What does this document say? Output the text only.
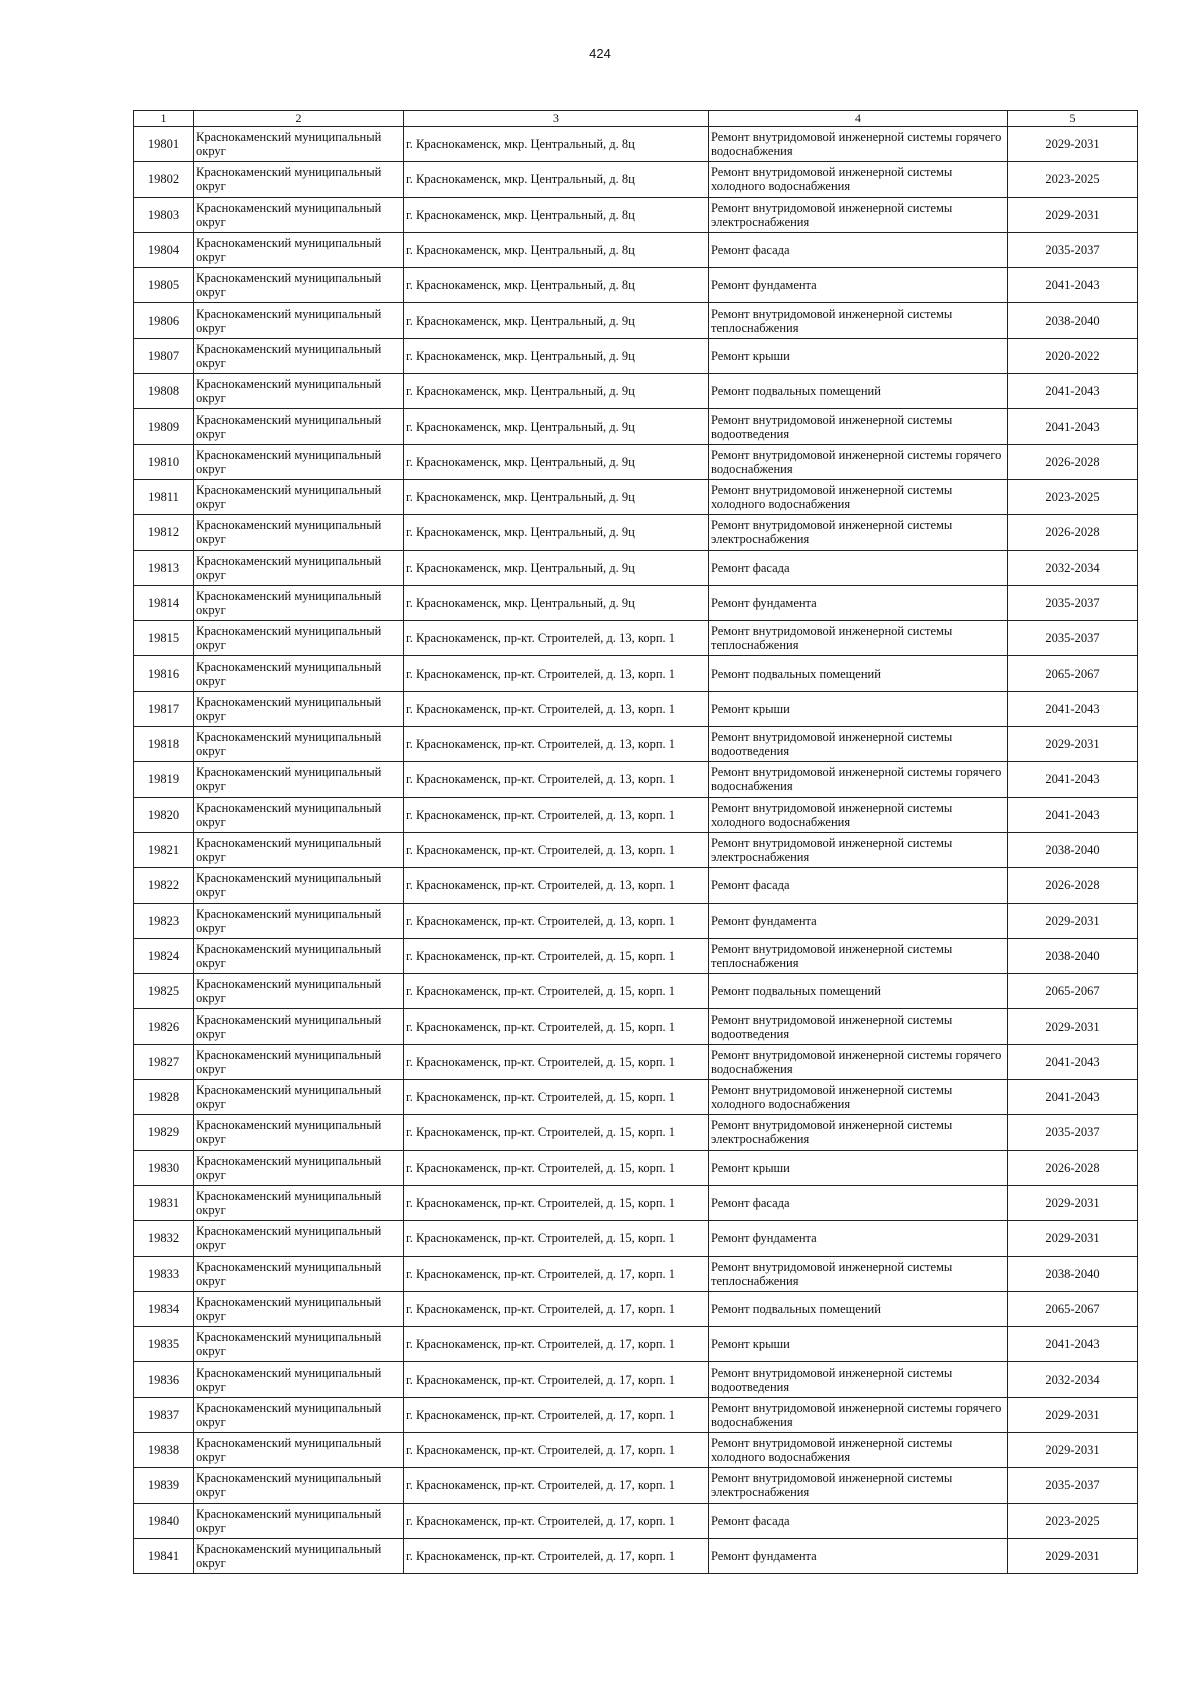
424
1	2	3	4	5
19801	Краснокаменский муниципальный округ	г. Краснокаменск, мкр. Центральный, д. 8ц	Ремонт внутридомовой инженерной системы горячего водоснабжения	2029-2031
19802	Краснокаменский муниципальный округ	г. Краснокаменск, мкр. Центральный, д. 8ц	Ремонт внутридомовой инженерной системы холодного водоснабжения	2023-2025
19803	Краснокаменский муниципальный округ	г. Краснокаменск, мкр. Центральный, д. 8ц	Ремонт внутридомовой инженерной системы электроснабжения	2029-2031
19804	Краснокаменский муниципальный округ	г. Краснокаменск, мкр. Центральный, д. 8ц	Ремонт фасада	2035-2037
19805	Краснокаменский муниципальный округ	г. Краснокаменск, мкр. Центральный, д. 8ц	Ремонт фундамента	2041-2043
19806	Краснокаменский муниципальный округ	г. Краснокаменск, мкр. Центральный, д. 9ц	Ремонт внутридомовой инженерной системы теплоснабжения	2038-2040
19807	Краснокаменский муниципальный округ	г. Краснокаменск, мкр. Центральный, д. 9ц	Ремонт крыши	2020-2022
19808	Краснокаменский муниципальный округ	г. Краснокаменск, мкр. Центральный, д. 9ц	Ремонт подвальных помещений	2041-2043
19809	Краснокаменский муниципальный округ	г. Краснокаменск, мкр. Центральный, д. 9ц	Ремонт внутридомовой инженерной системы водоотведения	2041-2043
19810	Краснокаменский муниципальный округ	г. Краснокаменск, мкр. Центральный, д. 9ц	Ремонт внутридомовой инженерной системы горячего водоснабжения	2026-2028
19811	Краснокаменский муниципальный округ	г. Краснокаменск, мкр. Центральный, д. 9ц	Ремонт внутридомовой инженерной системы холодного водоснабжения	2023-2025
19812	Краснокаменский муниципальный округ	г. Краснокаменск, мкр. Центральный, д. 9ц	Ремонт внутридомовой инженерной системы электроснабжения	2026-2028
19813	Краснокаменский муниципальный округ	г. Краснокаменск, мкр. Центральный, д. 9ц	Ремонт фасада	2032-2034
19814	Краснокаменский муниципальный округ	г. Краснокаменск, мкр. Центральный, д. 9ц	Ремонт фундамента	2035-2037
19815	Краснокаменский муниципальный округ	г. Краснокаменск, пр-кт. Строителей, д. 13, корп. 1	Ремонт внутридомовой инженерной системы теплоснабжения	2035-2037
19816	Краснокаменский муниципальный округ	г. Краснокаменск, пр-кт. Строителей, д. 13, корп. 1	Ремонт подвальных помещений	2065-2067
19817	Краснокаменский муниципальный округ	г. Краснокаменск, пр-кт. Строителей, д. 13, корп. 1	Ремонт крыши	2041-2043
19818	Краснокаменский муниципальный округ	г. Краснокаменск, пр-кт. Строителей, д. 13, корп. 1	Ремонт внутридомовой инженерной системы водоотведения	2029-2031
19819	Краснокаменский муниципальный округ	г. Краснокаменск, пр-кт. Строителей, д. 13, корп. 1	Ремонт внутридомовой инженерной системы горячего водоснабжения	2041-2043
19820	Краснокаменский муниципальный округ	г. Краснокаменск, пр-кт. Строителей, д. 13, корп. 1	Ремонт внутридомовой инженерной системы холодного водоснабжения	2041-2043
19821	Краснокаменский муниципальный округ	г. Краснокаменск, пр-кт. Строителей, д. 13, корп. 1	Ремонт внутридомовой инженерной системы электроснабжения	2038-2040
19822	Краснокаменский муниципальный округ	г. Краснокаменск, пр-кт. Строителей, д. 13, корп. 1	Ремонт фасада	2026-2028
19823	Краснокаменский муниципальный округ	г. Краснокаменск, пр-кт. Строителей, д. 13, корп. 1	Ремонт фундамента	2029-2031
19824	Краснокаменский муниципальный округ	г. Краснокаменск, пр-кт. Строителей, д. 15, корп. 1	Ремонт внутридомовой инженерной системы теплоснабжения	2038-2040
19825	Краснокаменский муниципальный округ	г. Краснокаменск, пр-кт. Строителей, д. 15, корп. 1	Ремонт подвальных помещений	2065-2067
19826	Краснокаменский муниципальный округ	г. Краснокаменск, пр-кт. Строителей, д. 15, корп. 1	Ремонт внутридомовой инженерной системы водоотведения	2029-2031
19827	Краснокаменский муниципальный округ	г. Краснокаменск, пр-кт. Строителей, д. 15, корп. 1	Ремонт внутридомовой инженерной системы горячего водоснабжения	2041-2043
19828	Краснокаменский муниципальный округ	г. Краснокаменск, пр-кт. Строителей, д. 15, корп. 1	Ремонт внутридомовой инженерной системы холодного водоснабжения	2041-2043
19829	Краснокаменский муниципальный округ	г. Краснокаменск, пр-кт. Строителей, д. 15, корп. 1	Ремонт внутридомовой инженерной системы электроснабжения	2035-2037
19830	Краснокаменский муниципальный округ	г. Краснокаменск, пр-кт. Строителей, д. 15, корп. 1	Ремонт крыши	2026-2028
19831	Краснокаменский муниципальный округ	г. Краснокаменск, пр-кт. Строителей, д. 15, корп. 1	Ремонт фасада	2029-2031
19832	Краснокаменский муниципальный округ	г. Краснокаменск, пр-кт. Строителей, д. 15, корп. 1	Ремонт фундамента	2029-2031
19833	Краснокаменский муниципальный округ	г. Краснокаменск, пр-кт. Строителей, д. 17, корп. 1	Ремонт внутридомовой инженерной системы теплоснабжения	2038-2040
19834	Краснокаменский муниципальный округ	г. Краснокаменск, пр-кт. Строителей, д. 17, корп. 1	Ремонт подвальных помещений	2065-2067
19835	Краснокаменский муниципальный округ	г. Краснокаменск, пр-кт. Строителей, д. 17, корп. 1	Ремонт крыши	2041-2043
19836	Краснокаменский муниципальный округ	г. Краснокаменск, пр-кт. Строителей, д. 17, корп. 1	Ремонт внутридомовой инженерной системы водоотведения	2032-2034
19837	Краснокаменский муниципальный округ	г. Краснокаменск, пр-кт. Строителей, д. 17, корп. 1	Ремонт внутридомовой инженерной системы горячего водоснабжения	2029-2031
19838	Краснокаменский муниципальный округ	г. Краснокаменск, пр-кт. Строителей, д. 17, корп. 1	Ремонт внутридомовой инженерной системы холодного водоснабжения	2029-2031
19839	Краснокаменский муниципальный округ	г. Краснокаменск, пр-кт. Строителей, д. 17, корп. 1	Ремонт внутридомовой инженерной системы электроснабжения	2035-2037
19840	Краснокаменский муниципальный округ	г. Краснокаменск, пр-кт. Строителей, д. 17, корп. 1	Ремонт фасада	2023-2025
19841	Краснокаменский муниципальный округ	г. Краснокаменск, пр-кт. Строителей, д. 17, корп. 1	Ремонт фундамента	2029-2031
